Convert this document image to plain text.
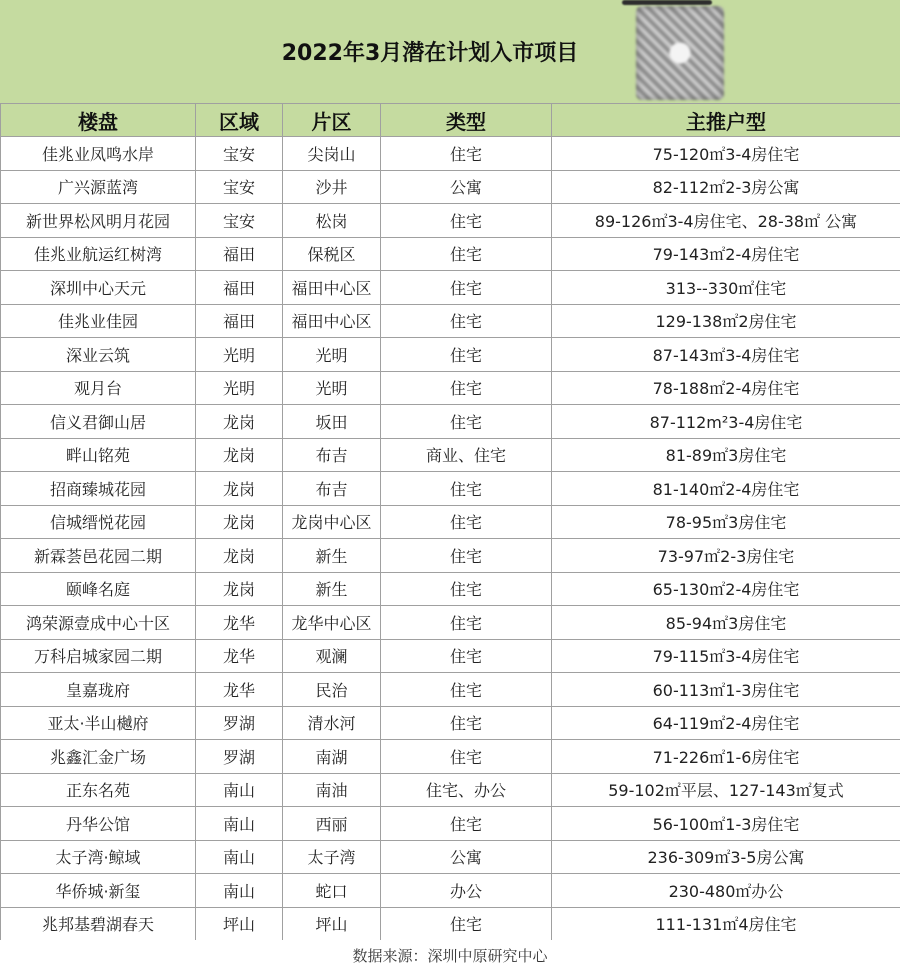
2022年3月潜在计划入市项目
楼盘	区域	片区	类型	主推户型
佳兆业凤鸣水岸	宝安	尖岗山	住宅	75-120㎡3-4房住宅
广兴源蓝湾	宝安	沙井	公寓	82-112㎡2-3房公寓
新世界松风明月花园	宝安	松岗	住宅	89-126㎡3-4房住宅、28-38㎡ 公寓
佳兆业航运红树湾	福田	保税区	住宅	79-143㎡2-4房住宅
深圳中心天元	福田	福田中心区	住宅	313--330㎡住宅
佳兆业佳园	福田	福田中心区	住宅	129-138㎡2房住宅
深业云筑	光明	光明	住宅	87-143㎡3-4房住宅
观月台	光明	光明	住宅	78-188㎡2-4房住宅
信义君御山居	龙岗	坂田	住宅	87-112m²3-4房住宅
畔山铭苑	龙岗	布吉	商业、住宅	81-89㎡3房住宅
招商臻城花园	龙岗	布吉	住宅	81-140㎡2-4房住宅
信城缙悦花园	龙岗	龙岗中心区	住宅	78-95㎡3房住宅
新霖荟邑花园二期	龙岗	新生	住宅	73-97㎡2-3房住宅
颐峰名庭	龙岗	新生	住宅	65-130㎡2-4房住宅
鸿荣源壹成中心十区	龙华	龙华中心区	住宅	85-94㎡3房住宅
万科启城家园二期	龙华	观澜	住宅	79-115㎡3-4房住宅
皇嘉珑府	龙华	民治	住宅	60-113㎡1-3房住宅
亚太·半山樾府	罗湖	清水河	住宅	64-119㎡2-4房住宅
兆鑫汇金广场	罗湖	南湖	住宅	71-226㎡1-6房住宅
正东名苑	南山	南油	住宅、办公	59-102㎡平层、127-143㎡复式
丹华公馆	南山	西丽	住宅	56-100㎡1-3房住宅
太子湾·鲸域	南山	太子湾	公寓	236-309㎡3-5房公寓
华侨城·新玺	南山	蛇口	办公	230-480㎡办公
兆邦基碧湖春天	坪山	坪山	住宅	111-131㎡4房住宅
数据来源：深圳中原研究中心
